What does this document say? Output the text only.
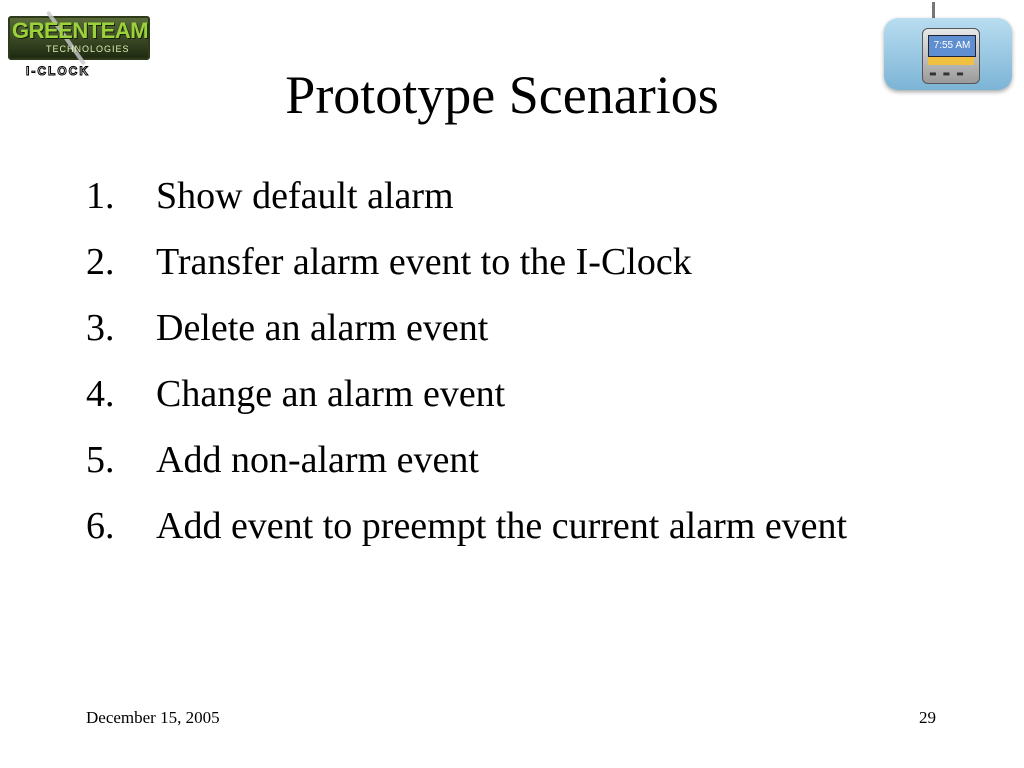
GREENTEAM
TECHNOLOGIES
I-CLOCK
7:55 AM
▬▬▬
Prototype Scenarios
1. Show default alarm
2. Transfer alarm event to the I-Clock
3. Delete an alarm event
4. Change an alarm event
5. Add non-alarm event
6. Add event to preempt the current alarm event
December 15, 2005	29
